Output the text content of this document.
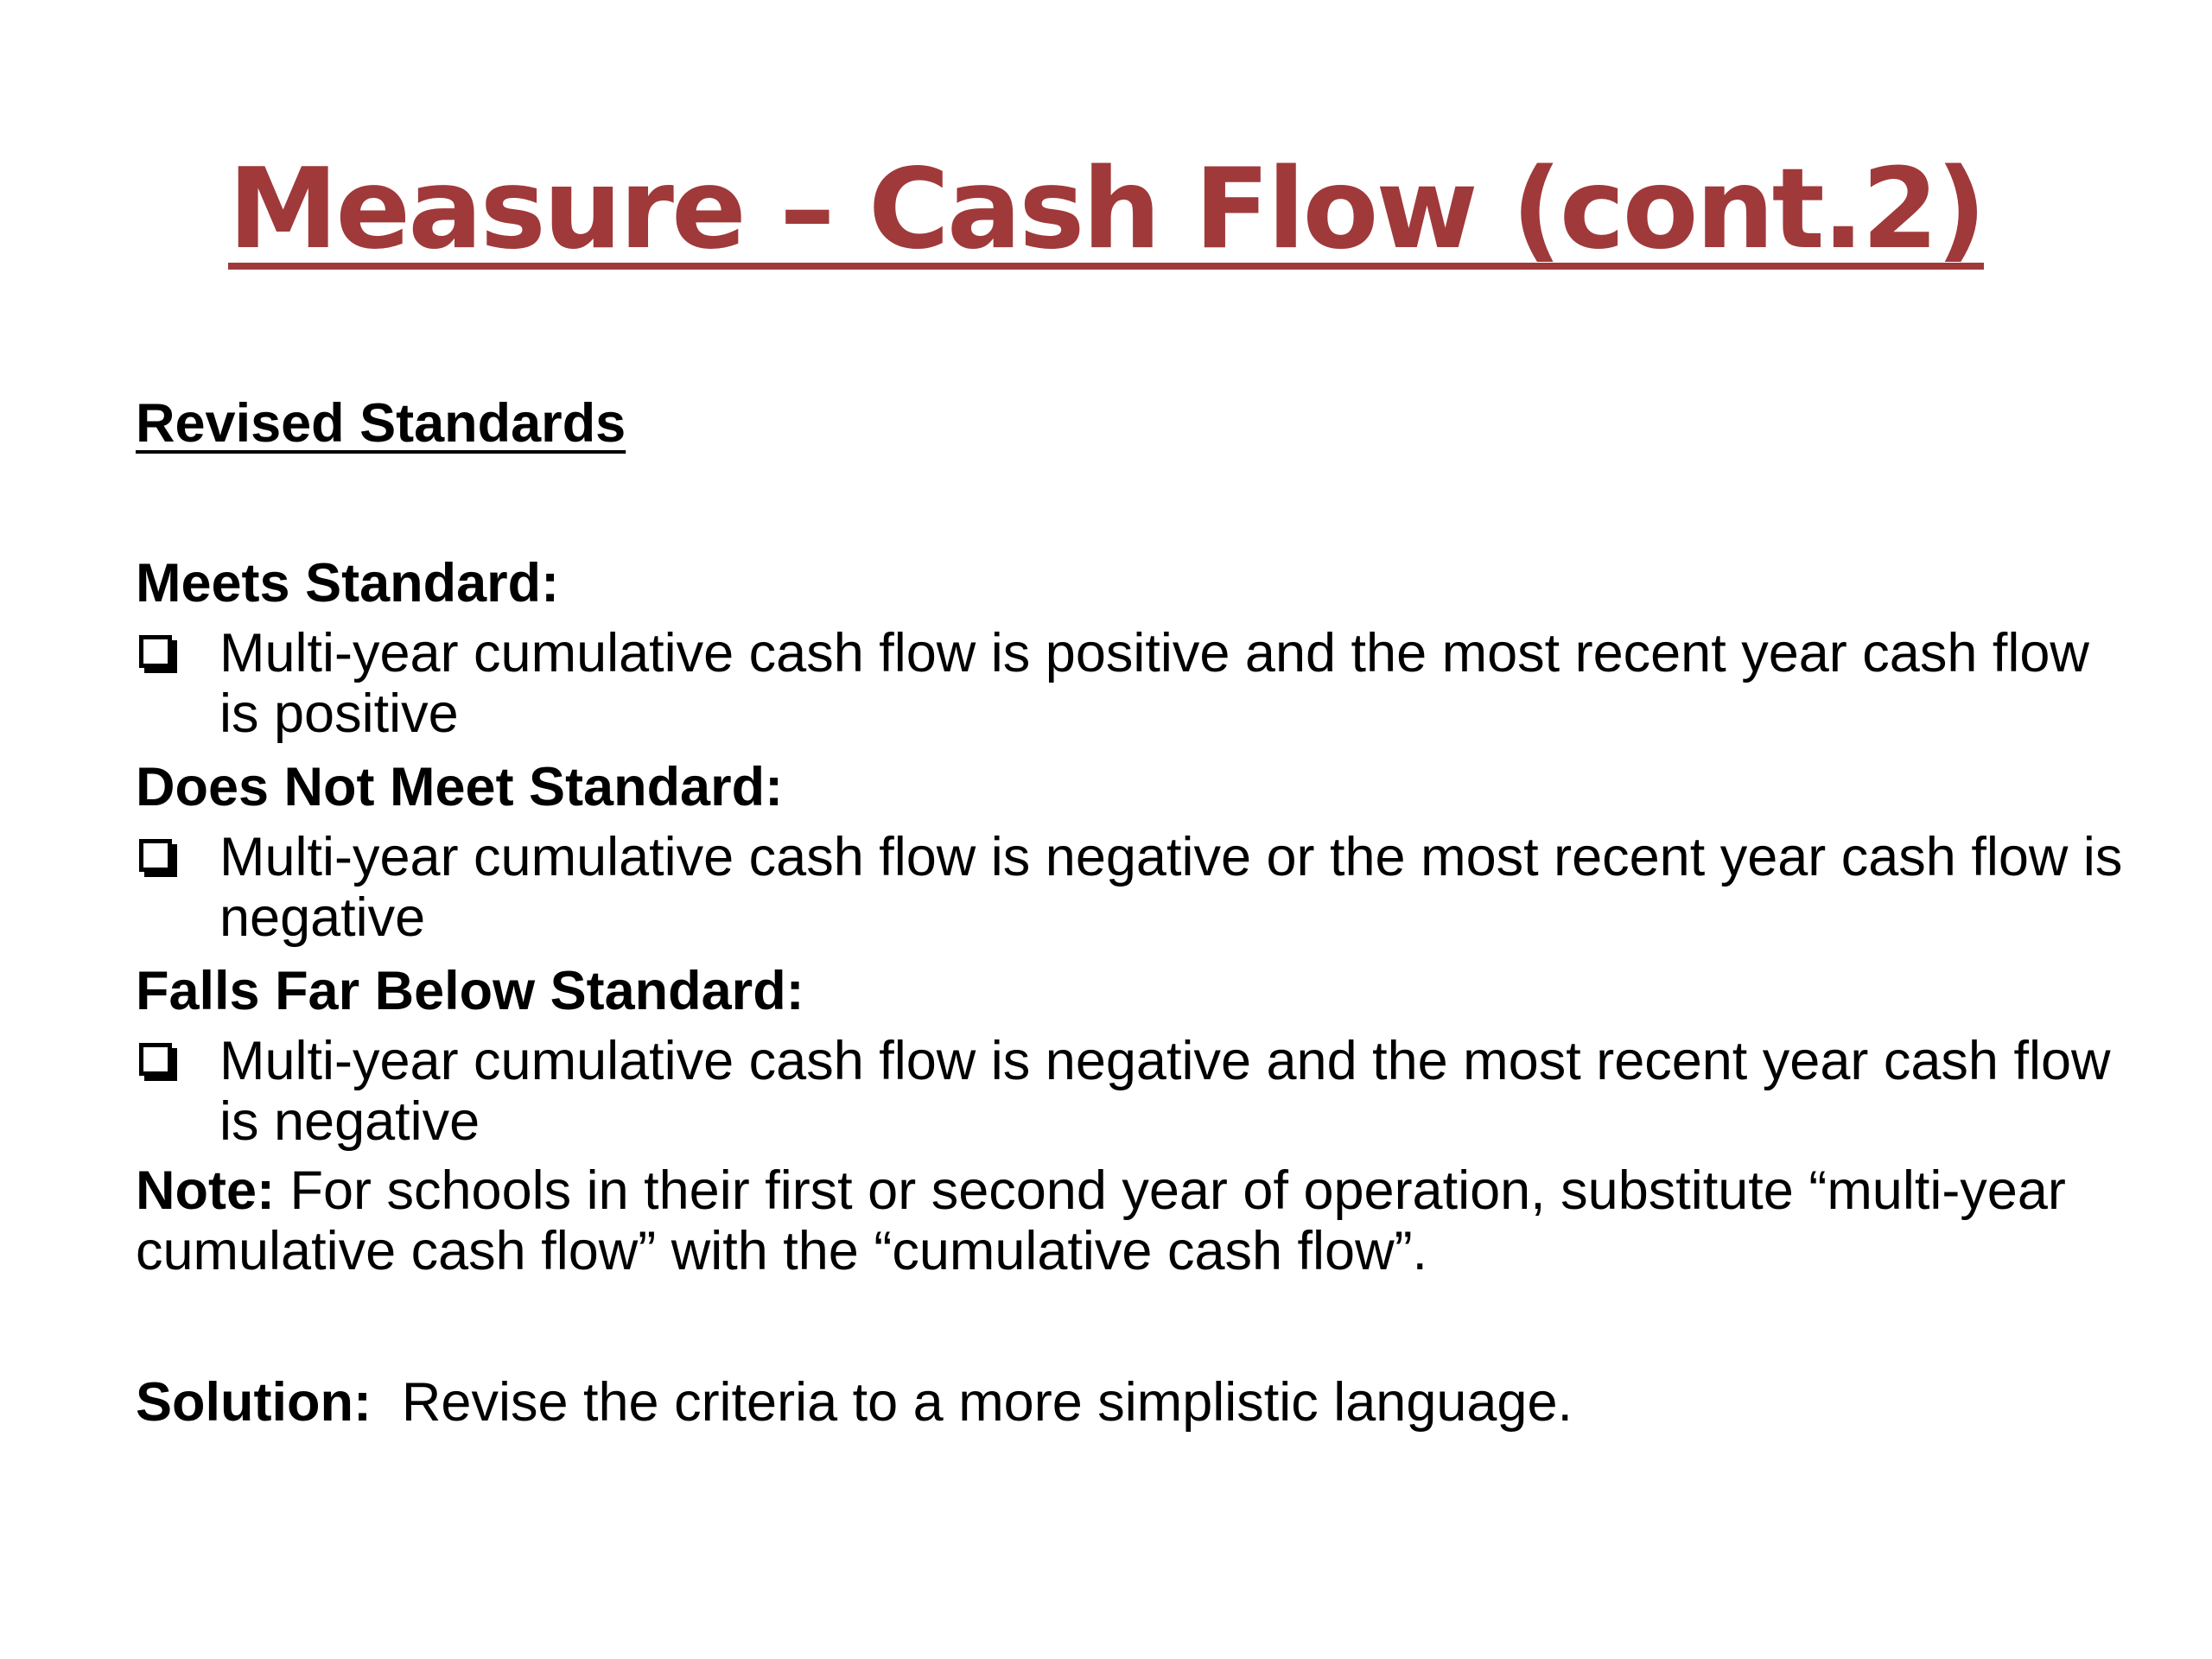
Measure – Cash Flow (cont.2)

Revised Standards

Meets Standard:

Multi-year cumulative cash flow is positive and the most recent year cash flow is positive

Does Not Meet Standard:

Multi-year cumulative cash flow is negative or the most recent year cash flow is negative

Falls Far Below Standard:

Multi-year cumulative cash flow is negative and the most recent year cash flow is negative

Note: For schools in their first or second year of operation, substitute “multi-year cumulative cash flow” with the “cumulative cash flow”.

Solution:  Revise the criteria to a more simplistic language.
